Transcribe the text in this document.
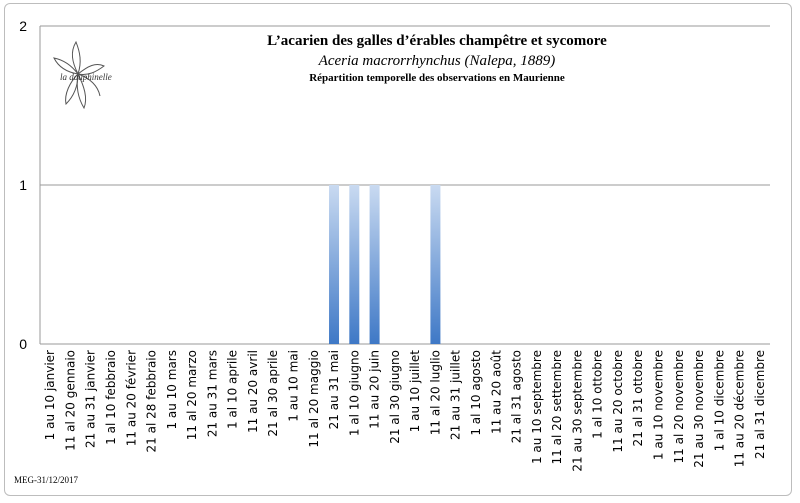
la dauphinelle
L’acarien des galles d’érables champêtre et sycomore
Aceria macrorrhynchus (Nalepa, 1889)
Répartition temporelle des observations en Maurienne
0
1
2
1 au 10 janvier 11 al 20 gennaio 21 au 31 janvier 1 al 10 febbraio 11 au 20 février 21 al 28 febbraio 1 au 10 mars 11 al 20 marzo 21 au 31 mars 1 al 10 aprile 11 au 20 avril 21 al 30 aprile 1 au 10 mai 11 al 20 maggio 21 au 31 mai 1 al 10 giugno 11 au 20 juin 21 al 30 giugno 1 au 10 juillet 11 al 20 luglio 21 au 31 juillet 1 al 10 agosto 11 au 20 août 21 al 31 agosto 1 au 10 septembre 11 al 20 settembre 21 au 30 septembre 1 al 10 ottobre 11 au 20 octobre 21 al 31 ottobre 1 au 10 novembre 11 al 20 novembre 21 au 30 novembre 1 al 10 dicembre 11 au 20 décembre 21 al 31 dicembre
MEG-31/12/2017
